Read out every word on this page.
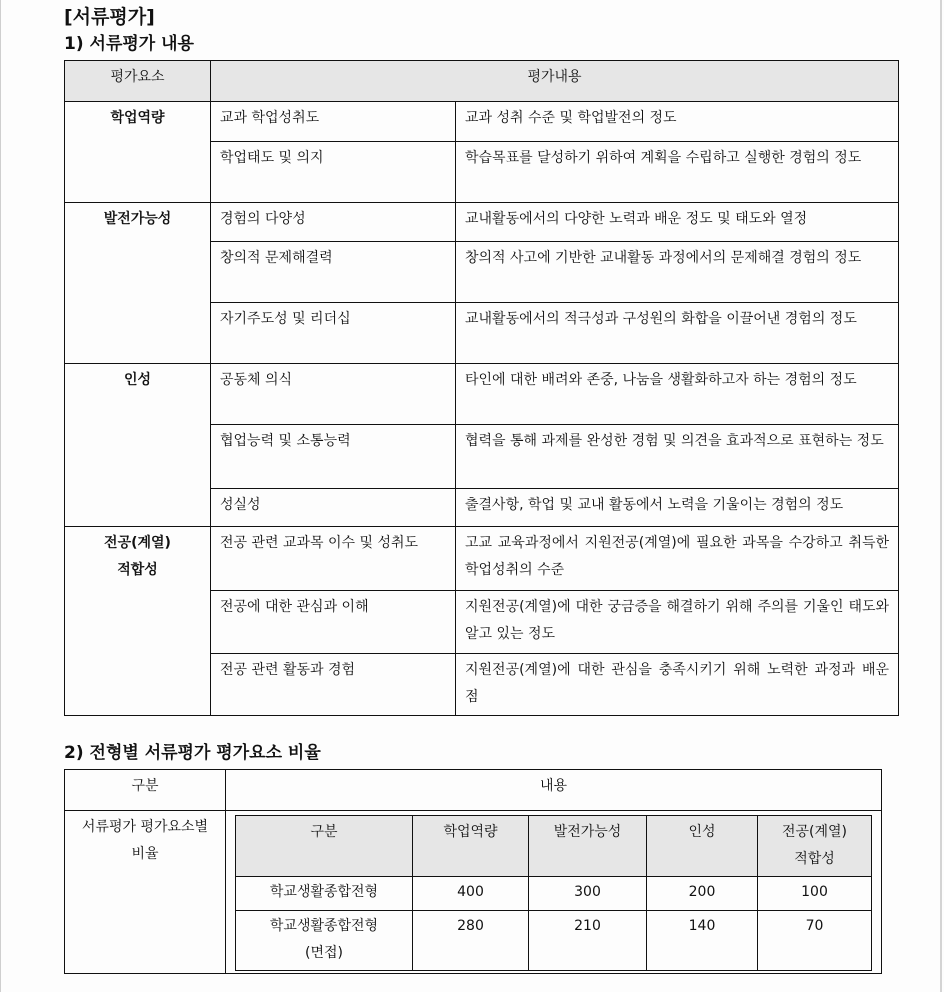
[서류평가]
1) 서류평가 내용
평가요소	평가내용	
학업역량	교과 학업성취도	교과 성취 수준 및 학업발전의 정도
	학업태도 및 의지	학습목표를 달성하기 위하여 계획을 수립하고 실행한 경험의 정도
발전가능성	경험의 다양성	교내활동에서의 다양한 노력과 배운 정도 및 태도와 열정
	창의적 문제해결력	창의적 사고에 기반한 교내활동 과정에서의 문제해결 경험의 정도
	자기주도성 및 리더십	교내활동에서의 적극성과 구성원의 화합을 이끌어낸 경험의 정도
인성	공동체 의식	타인에 대한 배려와 존중, 나눔을 생활화하고자 하는 경험의 정도
	협업능력 및 소통능력	협력을 통해 과제를 완성한 경험 및 의견을 효과적으로 표현하는 정도
	성실성	출결사항, 학업 및 교내 활동에서 노력을 기울이는 경험의 정도

전공(계열)
적합성	전공 관련 교과목 이수 및 성취도	고교 교육과정에서 지원전공(계열)에 필요한 과목을 수강하고 취득한 학업성취의 수준
	전공에 대한 관심과 이해	지원전공(계열)에 대한 궁금증을 해결하기 위해 주의를 기울인 태도와 알고 있는 정도
	전공 관련 활동과 경험	지원전공(계열)에 대한 관심을 충족시키기 위해 노력한 과정과 배운 점
2) 전형별 서류평가 평가요소 비율
구분	내용

서류평가 평가요소별
비율

구분	학업역량	발전가능성	인성	전공(계열)
적합성

학교생활종합전형	400	300	200	100

학교생활종합전형
(면접)
	280	210	140	70
